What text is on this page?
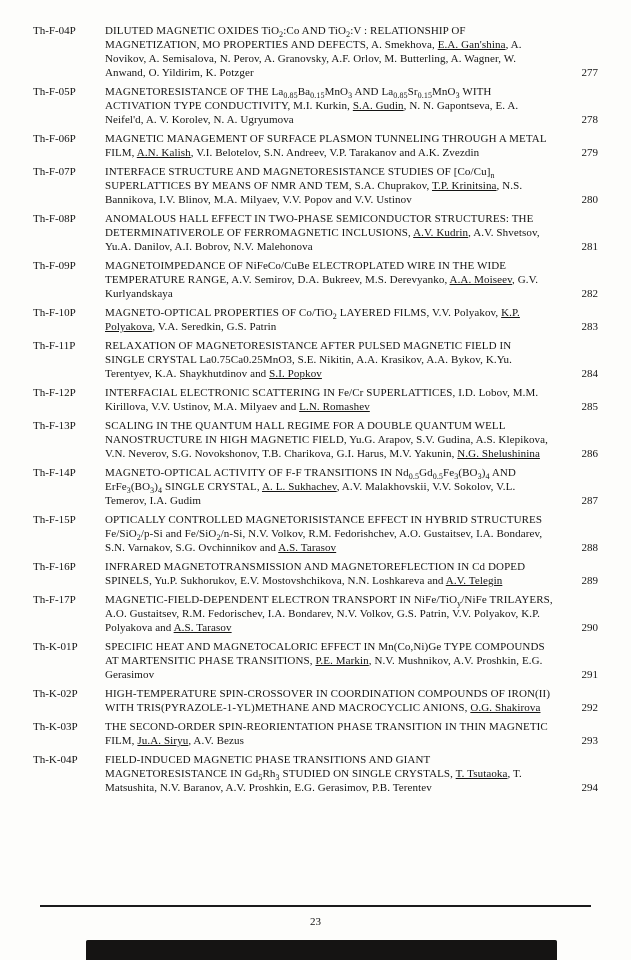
Th-F-04P	DILUTED MAGNETIC OXIDES TiO$_2$:Co AND TiO$_2$:V : RELATIONSHIP OF MAGNETIZATION, MO PROPERTIES AND DEFECTS, A. Smekhova, E.A. Gan'shina, A. Novikov, A. Semisalova, N. Perov, A. Granovsky, A.F. Orlov, M. Butterling, A. Wagner, W. Anwand, O. Yildirim, K. Potzger	277
Th-F-05P	MAGNETORESISTANCE OF THE $La_{0.85}Ba_{0.15}MnO_3$ AND $La_{0.85}Sr_{0.15}MnO_3$ WITH ACTIVATION TYPE CONDUCTIVITY, M.I. Kurkin, S.A. Gudin, N. N. Gapontseva, E. A. Neifel'd, A. V. Korolev, N. A. Ugryumova	278
Th-F-06P	MAGNETIC MANAGEMENT OF SURFACE PLASMON TUNNELING THROUGH A METAL FILM, A.N. Kalish, V.I. Belotelov, S.N. Andreev, V.P. Tarakanov and A.K. Zvezdin	279
Th-F-07P	INTERFACE STRUCTURE AND MAGNETORESISTANCE STUDIES OF $[Co/Cu]_n$ SUPERLATTICES BY MEANS OF NMR AND TEM, S.A. Chuprakov, T.P. Krinitsina, N.S. Bannikova, I.V. Blinov, M.A. Milyaev, V.V. Popov and V.V. Ustinov	280
Th-F-08P	ANOMALOUS HALL EFFECT IN TWO-PHASE SEMICONDUCTOR STRUCTURES: THE DETERMINATIVEROLE OF FERROMAGNETIC INCLUSIONS, A.V. Kudrin, A.V. Shvetsov, Yu.A. Danilov, A.I. Bobrov, N.V. Malehonova	281
Th-F-09P	MAGNETOIMPEDANCE OF NiFeCo/CuBe ELECTROPLATED WIRE IN THE WIDE TEMPERATURE RANGE, A.V. Semirov, D.A. Bukreev, M.S. Derevyanko, A.A. Moiseev, G.V. Kurlyandskaya	282
Th-F-10P	MAGNETO-OPTICAL PROPERTIES OF Co/TiO$_2$ LAYERED FILMS, V.V. Polyakov, K.P. Polyakova, V.A. Seredkin, G.S. Patrin	283
Th-F-11P	RELAXATION OF MAGNETORESISTANCE AFTER PULSED MAGNETIC FIELD IN SINGLE CRYSTAL La0.75Ca0.25MnO3, S.E. Nikitin, A.A. Krasikov, A.A. Bykov, K.Yu. Terentyev, K.A. Shaykhutdinov and S.I. Popkov	284
Th-F-12P	INTERFACIAL ELECTRONIC SCATTERING IN Fe/Cr SUPERLATTICES, I.D. Lobov, M.M. Kirillova, V.V. Ustinov, M.A. Milyaev and L.N. Romashev	285
Th-F-13P	SCALING IN THE QUANTUM HALL REGIME FOR A DOUBLE QUANTUM WELL NANOSTRUCTURE IN HIGH MAGNETIC FIELD, Yu.G. Arapov, S.V. Gudina, A.S. Klepikova, V.N. Neverov, S.G. Novokshonov, T.B. Charikova, G.I. Harus, M.V. Yakunin, N.G. Shelushinina	286
Th-F-14P	MAGNETO-OPTICAL ACTIVITY OF F-F TRANSITIONS IN $Nd_{0.5}Gd_{0.5}Fe_3(BO_3)_4$ AND $ErFe_3(BO_3)_4$ SINGLE CRYSTAL, A. L. Sukhachev, A.V. Malakhovskii, V.V. Sokolov, V.L. Temerov, I.A. Gudim	287
Th-F-15P	OPTICALLY CONTROLLED MAGNETORISISTANCE EFFECT IN HYBRID STRUCTURES Fe/SiO$_2$/p-Si and Fe/SiO$_2$/n-Si, N.V. Volkov, R.M. Fedorishchev, A.O. Gustaitsev, I.A. Bondarev, S.N. Varnakov, S.G. Ovchinnikov and A.S. Tarasov	288
Th-F-16P	INFRARED MAGNETOTRANSMISSION AND MAGNETOREFLECTION IN Cd DOPED SPINELS, Yu.P. Sukhorukov, E.V. Mostovshchikova, N.N. Loshkareva and A.V. Telegin	289
Th-F-17P	MAGNETIC-FIELD-DEPENDENT ELECTRON TRANSPORT IN NiFe/TiO$_y$/NiFe TRILAYERS, A.O. Gustaitsev, R.M. Fedorischev, I.A. Bondarev, N.V. Volkov, G.S. Patrin, V.V. Polyakov, K.P. Polyakova and A.S. Tarasov	290
Th-K-01P	SPECIFIC HEAT AND MAGNETOCALORIC EFFECT IN Mn(Co,Ni)Ge TYPE COMPOUNDS AT MARTENSITIC PHASE TRANSITIONS, P.E. Markin, N.V. Mushnikov, A.V. Proshkin, E.G. Gerasimov	291
Th-K-02P	HIGH-TEMPERATURE SPIN-CROSSOVER IN COORDINATION COMPOUNDS OF IRON(II) WITH TRIS(PYRAZOLE-1-YL)METHANE AND MACROCYCLIC ANIONS, O.G. Shakirova	292
Th-K-03P	THE SECOND-ORDER SPIN-REORIENTATION PHASE TRANSITION IN THIN MAGNETIC FILM, Ju.A. Siryu, A.V. Bezus	293
Th-K-04P	FIELD-INDUCED MAGNETIC PHASE TRANSITIONS AND GIANT MAGNETORESISTANCE IN $Gd_5Rh_3$ STUDIED ON SINGLE CRYSTALS, T. Tsutaoka, T. Matsushita, N.V. Baranov, A.V. Proshkin, E.G. Gerasimov, P.B. Terentev	294
23
